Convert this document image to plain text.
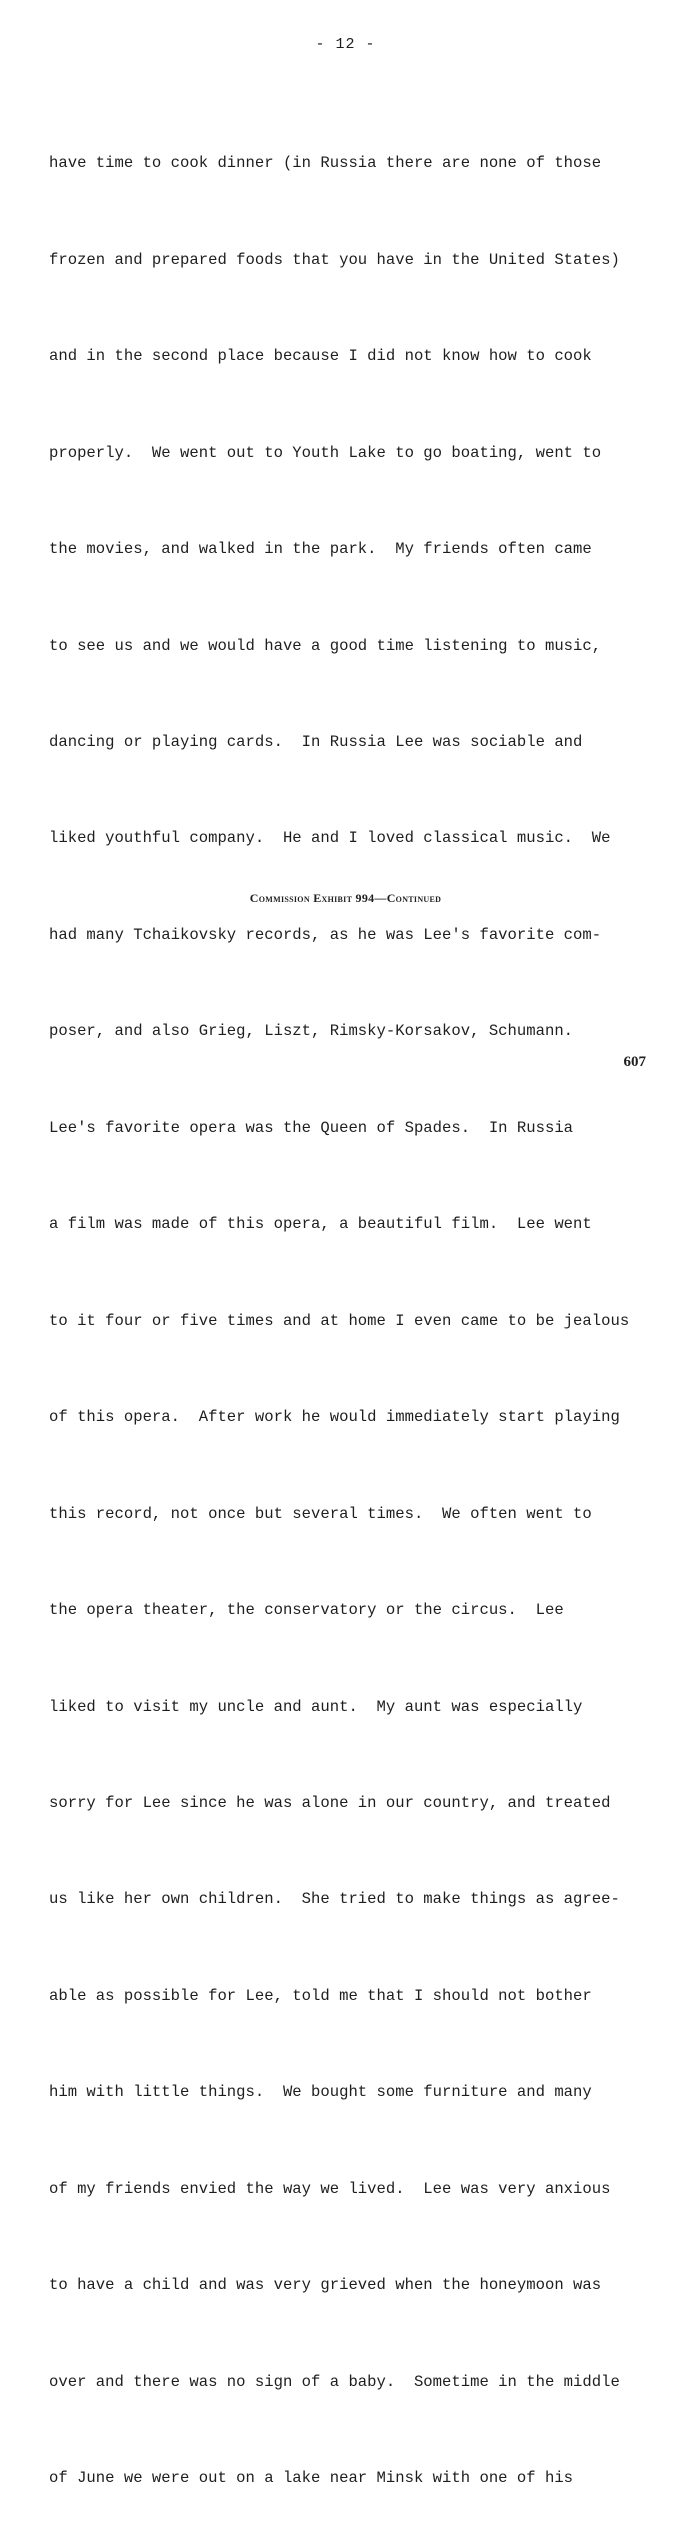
- 12 -

have time to cook dinner (in Russia there are none of those

frozen and prepared foods that you have in the United States)

and in the second place because I did not know how to cook

properly.  We went out to Youth Lake to go boating, went to

the movies, and walked in the park.  My friends often came

to see us and we would have a good time listening to music,

dancing or playing cards.  In Russia Lee was sociable and

liked youthful company.  He and I loved classical music.  We

had many Tchaikovsky records, as he was Lee's favorite com-

poser, and also Grieg, Liszt, Rimsky-Korsakov, Schumann.

Lee's favorite opera was the Queen of Spades.  In Russia

a film was made of this opera, a beautiful film.  Lee went

to it four or five times and at home I even came to be jealous

of this opera.  After work he would immediately start playing

this record, not once but several times.  We often went to

the opera theater, the conservatory or the circus.  Lee

liked to visit my uncle and aunt.  My aunt was especially

sorry for Lee since he was alone in our country, and treated

us like her own children.  She tried to make things as agree-

able as possible for Lee, told me that I should not bother

him with little things.  We bought some furniture and many

of my friends envied the way we lived.  Lee was very anxious

to have a child and was very grieved when the honeymoon was

over and there was no sign of a baby.  Sometime in the middle

of June we were out on a lake near Minsk with one of his

Commission Exhibit 994—Continued
607
